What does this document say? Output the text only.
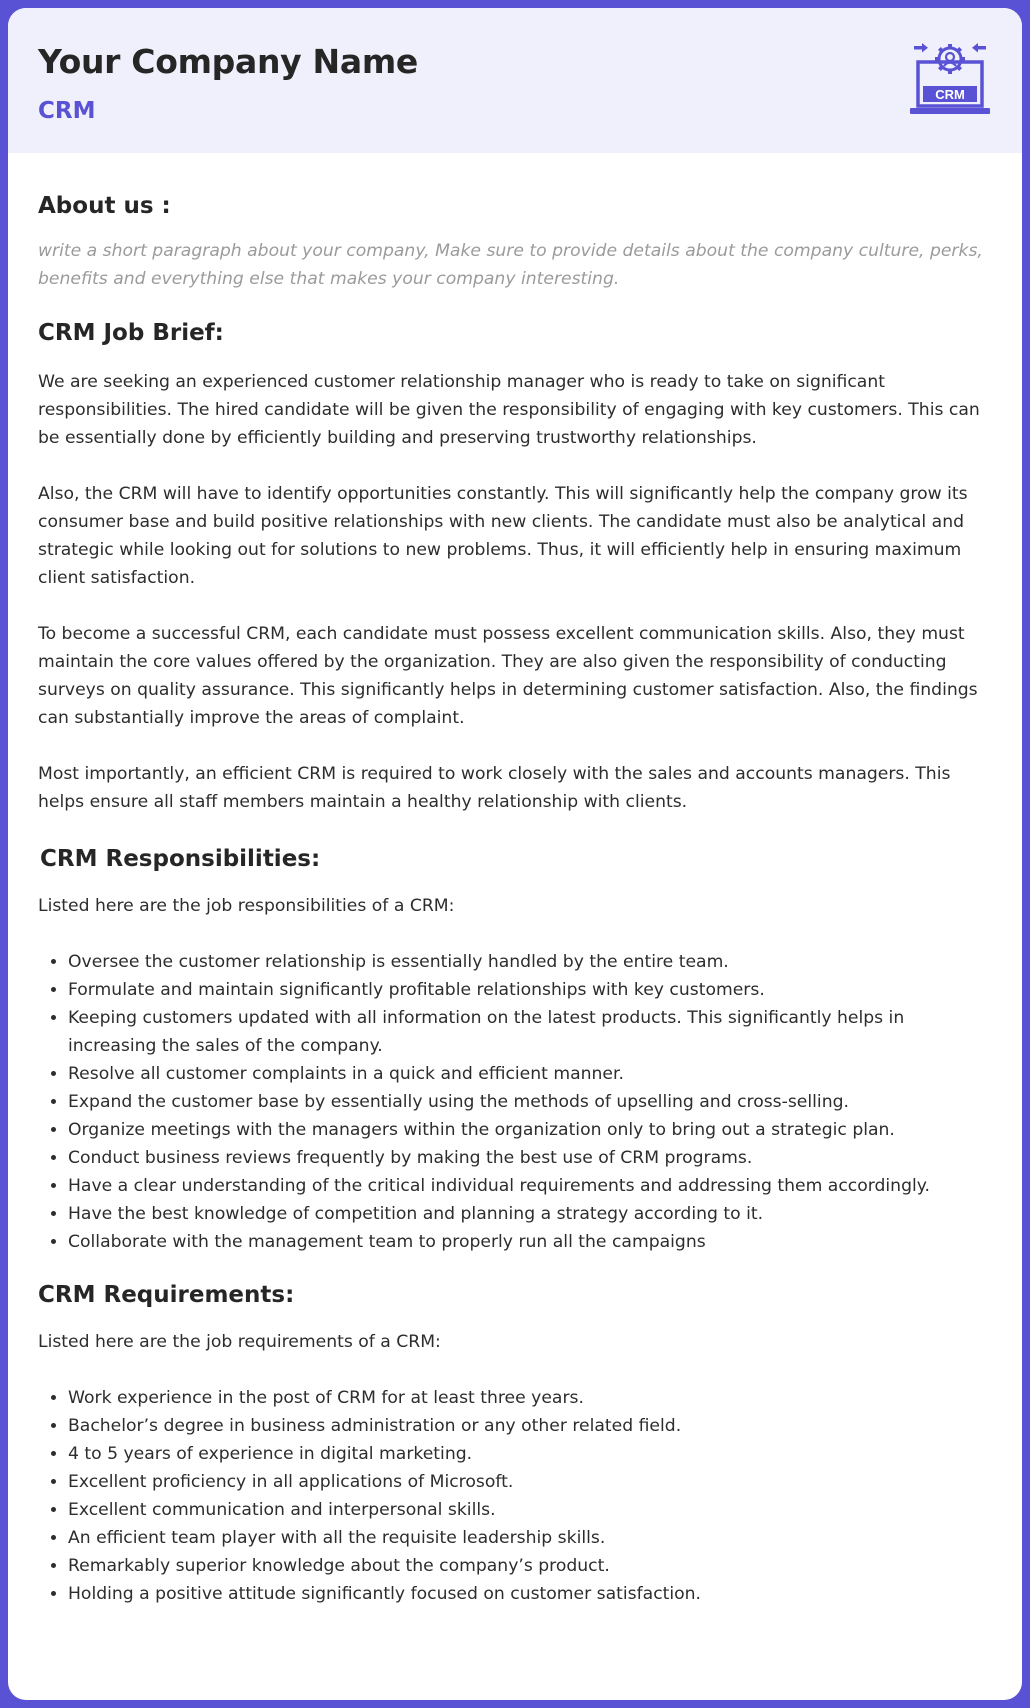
Your Company Name
CRM
CRM
About us :

write a short paragraph about your company, Make sure to provide details about the company culture, perks, benefits and everything else that makes your company interesting.

CRM Job Brief:

We are seeking an experienced customer relationship manager who is ready to take on significant responsibilities. The hired candidate will be given the responsibility of engaging with key customers. This can be essentially done by efficiently building and preserving trustworthy relationships.

Also, the CRM will have to identify opportunities constantly. This will significantly help the company grow its consumer base and build positive relationships with new clients. The candidate must also be analytical and strategic while looking out for solutions to new problems. Thus, it will efficiently help in ensuring maximum client satisfaction.

To become a successful CRM, each candidate must possess excellent communication skills. Also, they must maintain the core values offered by the organization. They are also given the responsibility of conducting surveys on quality assurance. This significantly helps in determining customer satisfaction. Also, the findings can substantially improve the areas of complaint.

Most importantly, an efficient CRM is required to work closely with the sales and accounts managers. This helps ensure all staff members maintain a healthy relationship with clients.

CRM Responsibilities:

Listed here are the job responsibilities of a CRM:

• Oversee the customer relationship is essentially handled by the entire team.
• Formulate and maintain significantly profitable relationships with key customers.
• Keeping customers updated with all information on the latest products. This significantly helps in increasing the sales of the company.
• Resolve all customer complaints in a quick and efficient manner.
• Expand the customer base by essentially using the methods of upselling and cross-selling.
• Organize meetings with the managers within the organization only to bring out a strategic plan.
• Conduct business reviews frequently by making the best use of CRM programs.
• Have a clear understanding of the critical individual requirements and addressing them accordingly.
• Have the best knowledge of competition and planning a strategy according to it.
• Collaborate with the management team to properly run all the campaigns
CRM Requirements:

Listed here are the job requirements of a CRM:

• Work experience in the post of CRM for at least three years.
• Bachelor’s degree in business administration or any other related field.
• 4 to 5 years of experience in digital marketing.
• Excellent proficiency in all applications of Microsoft.
• Excellent communication and interpersonal skills.
• An efficient team player with all the requisite leadership skills.
• Remarkably superior knowledge about the company’s product.
• Holding a positive attitude significantly focused on customer satisfaction.
